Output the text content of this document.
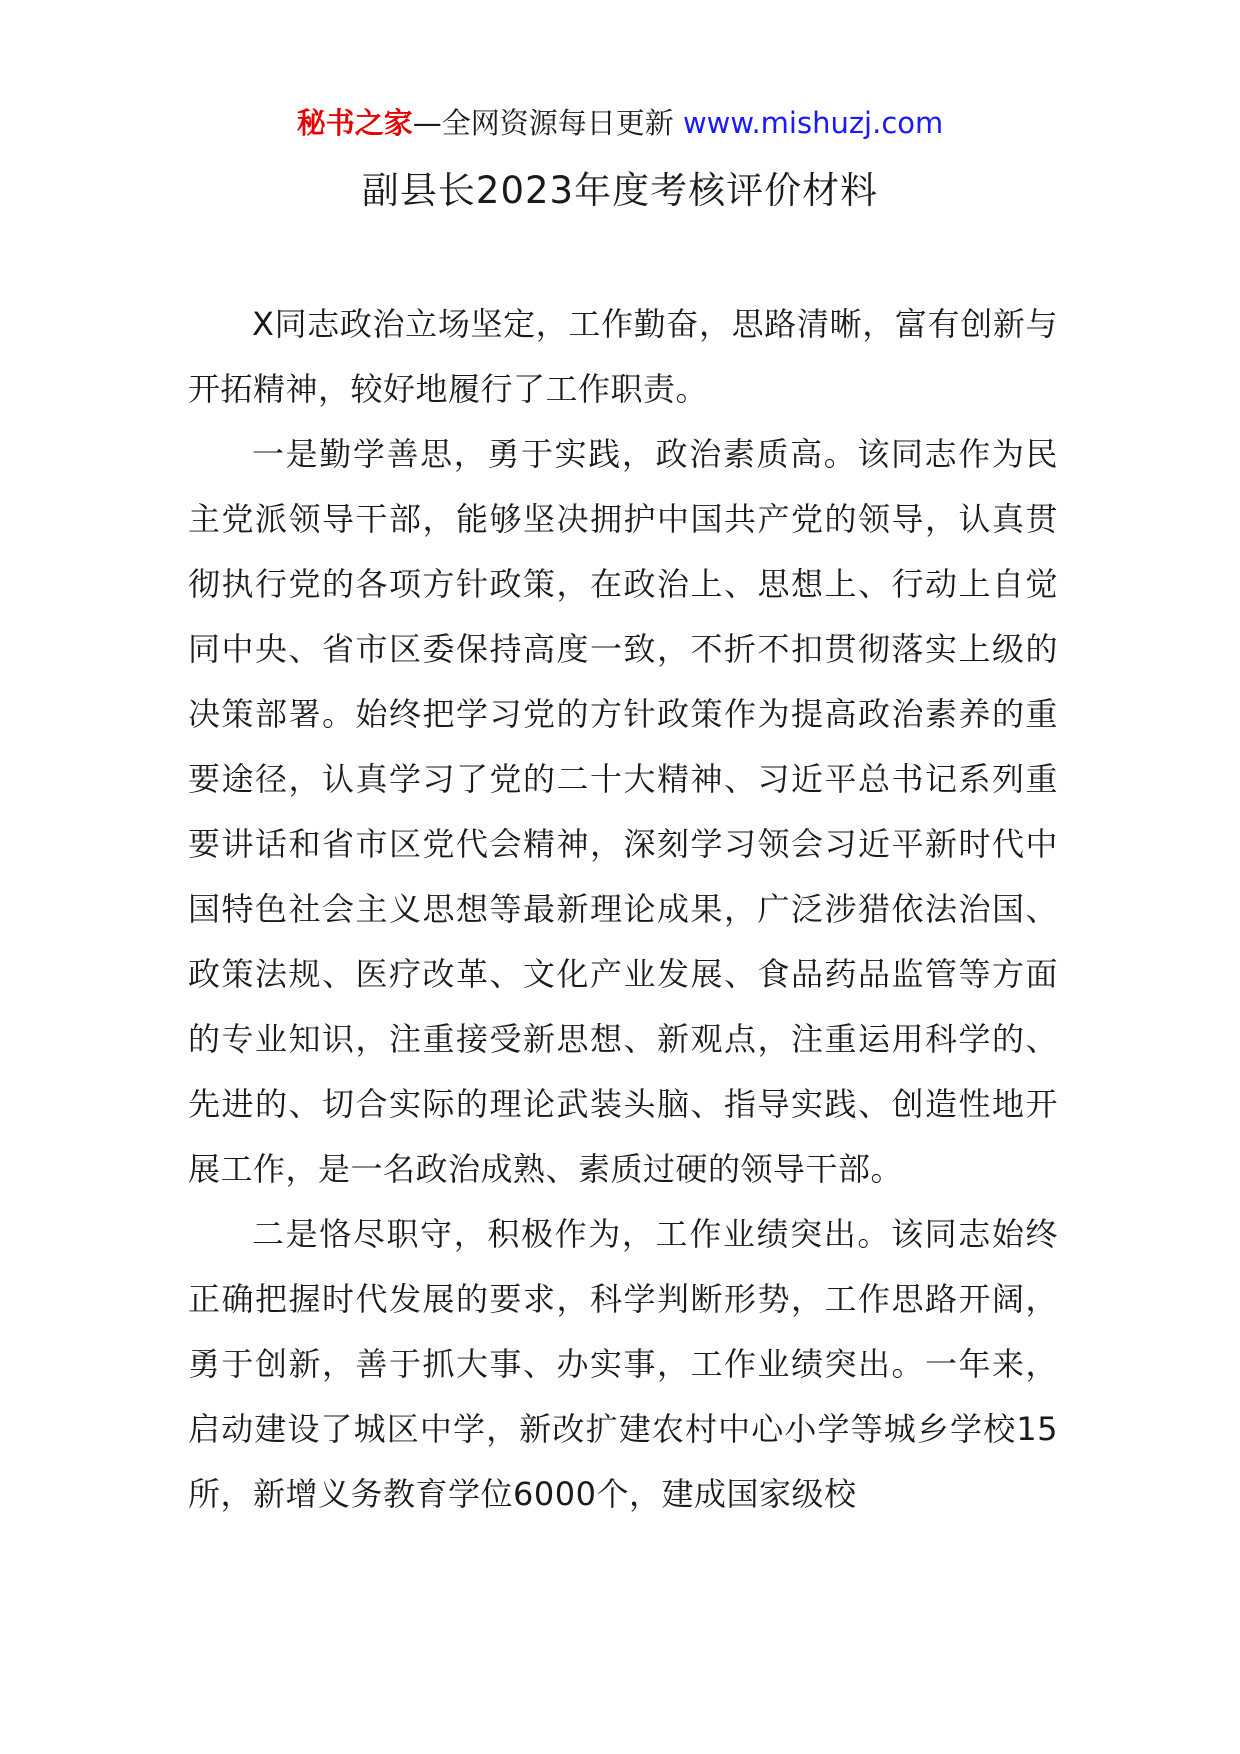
秘书之家—全网资源每日更新 www.mishuzj.com
副县长2023年度考核评价材料

X同志政治立场坚定，工作勤奋，思路清晰，富有创新与开拓精神，较好地履行了工作职责。

一是勤学善思，勇于实践，政治素质高。该同志作为民主党派领导干部，能够坚决拥护中国共产党的领导，认真贯彻执行党的各项方针政策，在政治上、思想上、行动上自觉同中央、省市区委保持高度一致，不折不扣贯彻落实上级的决策部署。始终把学习党的方针政策作为提高政治素养的重要途径，认真学习了党的二十大精神、习近平总书记系列重要讲话和省市区党代会精神，深刻学习领会习近平新时代中国特色社会主义思想等最新理论成果，广泛涉猎依法治国、政策法规、医疗改革、文化产业发展、食品药品监管等方面的专业知识，注重接受新思想、新观点，注重运用科学的、先进的、切合实际的理论武装头脑、指导实践、创造性地开展工作，是一名政治成熟、素质过硬的领导干部。

二是恪尽职守，积极作为，工作业绩突出。该同志始终正确把握时代发展的要求，科学判断形势，工作思路开阔，勇于创新，善于抓大事、办实事，工作业绩突出。一年来，启动建设了城区中学，新改扩建农村中心小学等城乡学校15所，新增义务教育学位6000个，建成国家级校
